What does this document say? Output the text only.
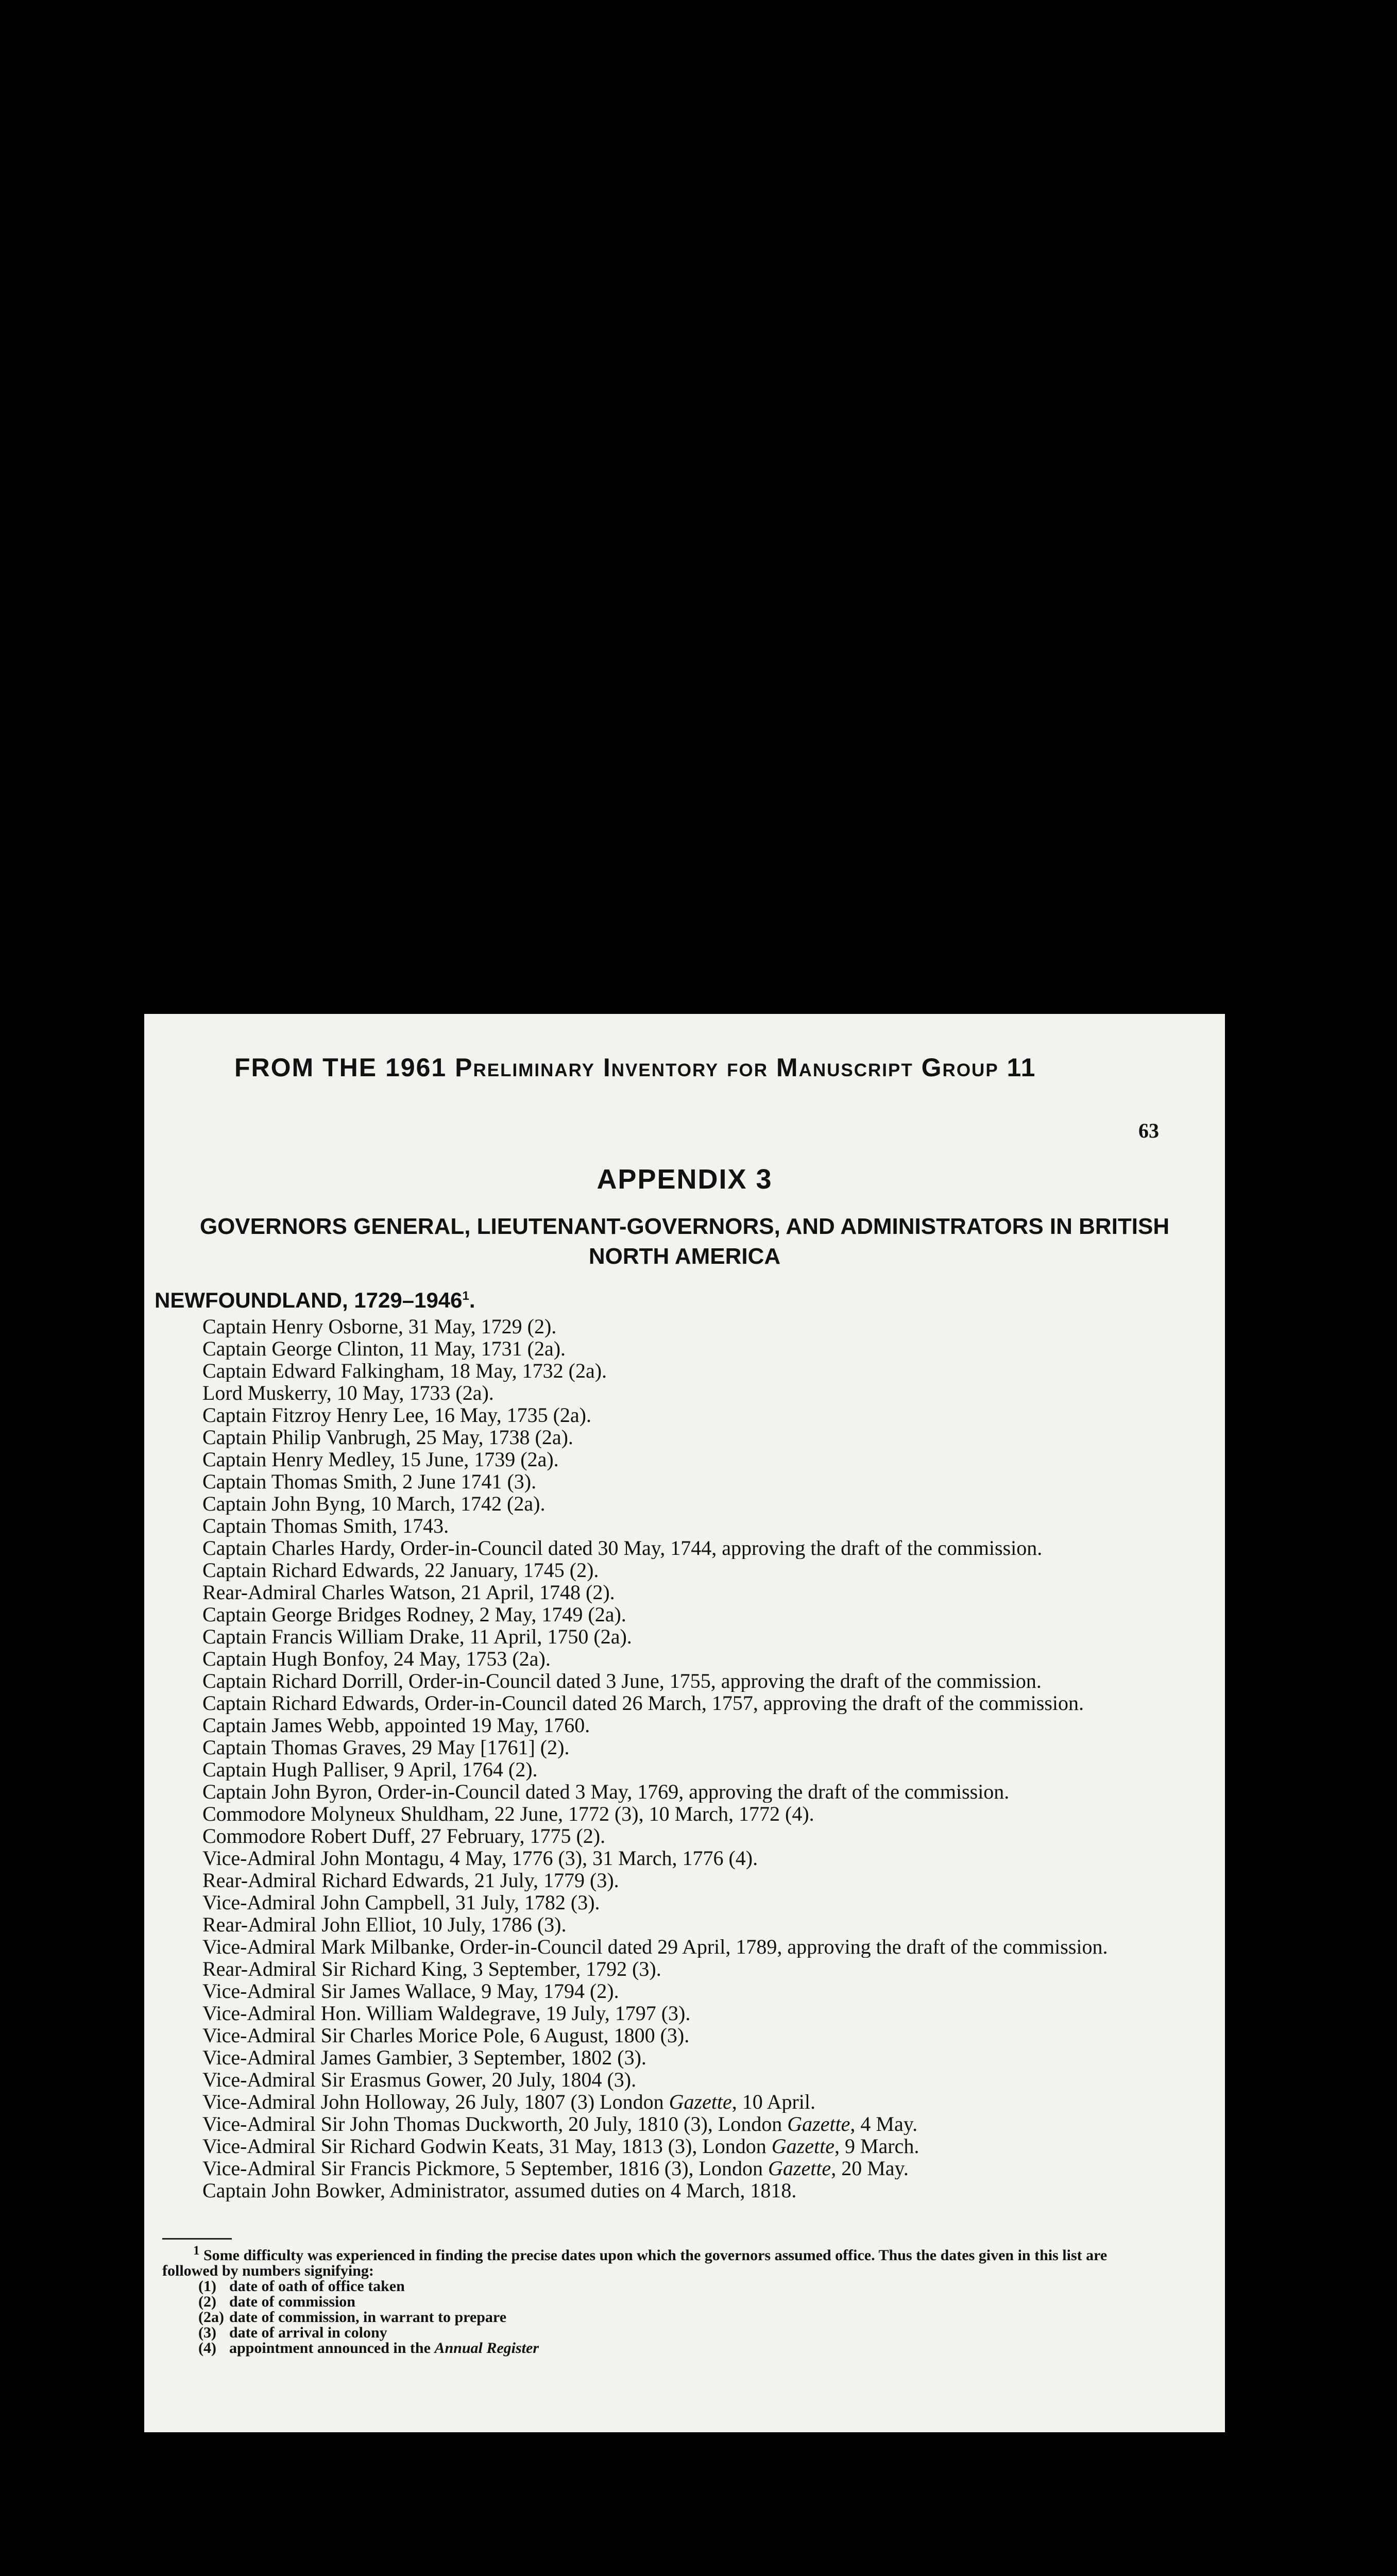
FROM THE 1961 Preliminary Inventory for Manuscript Group 11
63
APPENDIX 3
GOVERNORS GENERAL, LIEUTENANT-GOVERNORS, AND ADMINISTRATORS IN BRITISH NORTH AMERICA
NEWFOUNDLAND, 1729–1946$^1$.
Captain Henry Osborne, 31 May, 1729 (2).
Captain George Clinton, 11 May, 1731 (2a).
Captain Edward Falkingham, 18 May, 1732 (2a).
Lord Muskerry, 10 May, 1733 (2a).
Captain Fitzroy Henry Lee, 16 May, 1735 (2a).
Captain Philip Vanbrugh, 25 May, 1738 (2a).
Captain Henry Medley, 15 June, 1739 (2a).
Captain Thomas Smith, 2 June 1741 (3).
Captain John Byng, 10 March, 1742 (2a).
Captain Thomas Smith, 1743.
Captain Charles Hardy, Order-in-Council dated 30 May, 1744, approving the draft of the commission.
Captain Richard Edwards, 22 January, 1745 (2).
Rear-Admiral Charles Watson, 21 April, 1748 (2).
Captain George Bridges Rodney, 2 May, 1749 (2a).
Captain Francis William Drake, 11 April, 1750 (2a).
Captain Hugh Bonfoy, 24 May, 1753 (2a).
Captain Richard Dorrill, Order-in-Council dated 3 June, 1755, approving the draft of the commission.
Captain Richard Edwards, Order-in-Council dated 26 March, 1757, approving the draft of the commission.
Captain James Webb, appointed 19 May, 1760.
Captain Thomas Graves, 29 May [1761] (2).
Captain Hugh Palliser, 9 April, 1764 (2).
Captain John Byron, Order-in-Council dated 3 May, 1769, approving the draft of the commission.
Commodore Molyneux Shuldham, 22 June, 1772 (3), 10 March, 1772 (4).
Commodore Robert Duff, 27 February, 1775 (2).
Vice-Admiral John Montagu, 4 May, 1776 (3), 31 March, 1776 (4).
Rear-Admiral Richard Edwards, 21 July, 1779 (3).
Vice-Admiral John Campbell, 31 July, 1782 (3).
Rear-Admiral John Elliot, 10 July, 1786 (3).
Vice-Admiral Mark Milbanke, Order-in-Council dated 29 April, 1789, approving the draft of the commission.
Rear-Admiral Sir Richard King, 3 September, 1792 (3).
Vice-Admiral Sir James Wallace, 9 May, 1794 (2).
Vice-Admiral Hon. William Waldegrave, 19 July, 1797 (3).
Vice-Admiral Sir Charles Morice Pole, 6 August, 1800 (3).
Vice-Admiral James Gambier, 3 September, 1802 (3).
Vice-Admiral Sir Erasmus Gower, 20 July, 1804 (3).
Vice-Admiral John Holloway, 26 July, 1807 (3) London Gazette, 10 April.
Vice-Admiral Sir John Thomas Duckworth, 20 July, 1810 (3), London Gazette, 4 May.
Vice-Admiral Sir Richard Godwin Keats, 31 May, 1813 (3), London Gazette, 9 March.
Vice-Admiral Sir Francis Pickmore, 5 September, 1816 (3), London Gazette, 20 May.
Captain John Bowker, Administrator, assumed duties on 4 March, 1818.
$^1$ Some difficulty was experienced in finding the precise dates upon which the governors assumed office. Thus the dates given in this list are followed by numbers signifying:
(1) date of oath of office taken
(2) date of commission
(2a) date of commission, in warrant to prepare
(3) date of arrival in colony
(4) appointment announced in the Annual Register
